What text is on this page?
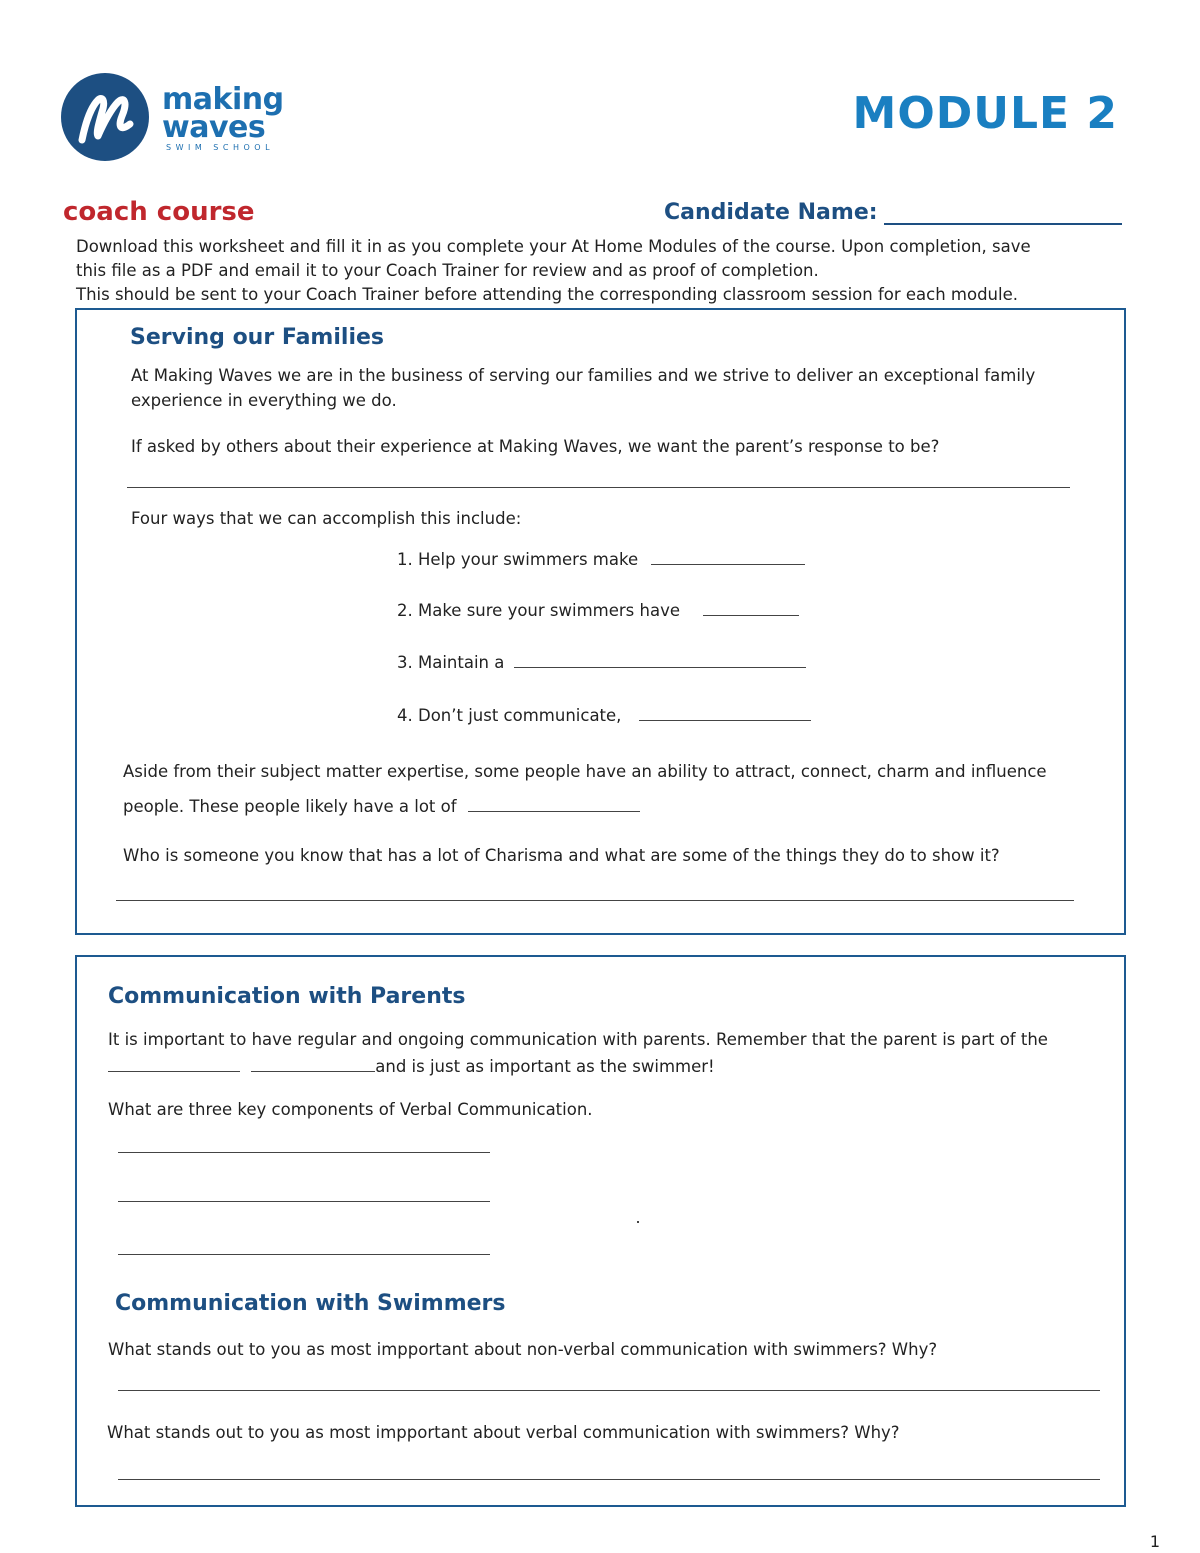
making
waves
SWIM SCHOOL
MODULE 2
coach course	Candidate Name:
Download this worksheet and fill it in as you complete your At Home Modules of the course. Upon completion, save
this file as a PDF and email it to your Coach Trainer for review and as proof of completion.
This should be sent to your Coach Trainer before attending the corresponding classroom session for each module.
Serving our Families
At Making Waves we are in the business of serving our families and we strive to deliver an exceptional family
experience in everything we do.
If asked by others about their experience at Making Waves, we want the parent’s response to be?
Four ways that we can accomplish this include:
1. Help your swimmers make
2. Make sure your swimmers have
3. Maintain a
4. Don’t just communicate,
Aside from their subject matter expertise, some people have an ability to attract, connect, charm and influence
people. These people likely have a lot of
Who is someone you know that has a lot of Charisma and what are some of the things they do to show it?
Communication with Parents
It is important to have regular and ongoing communication with parents. Remember that the parent is part of the
and is just as important as the swimmer!
What are three key components of Verbal Communication.
Communication with Swimmers
What stands out to you as most impportant about non-verbal communication with swimmers? Why?
What stands out to you as most impportant about verbal communication with swimmers? Why?
1
